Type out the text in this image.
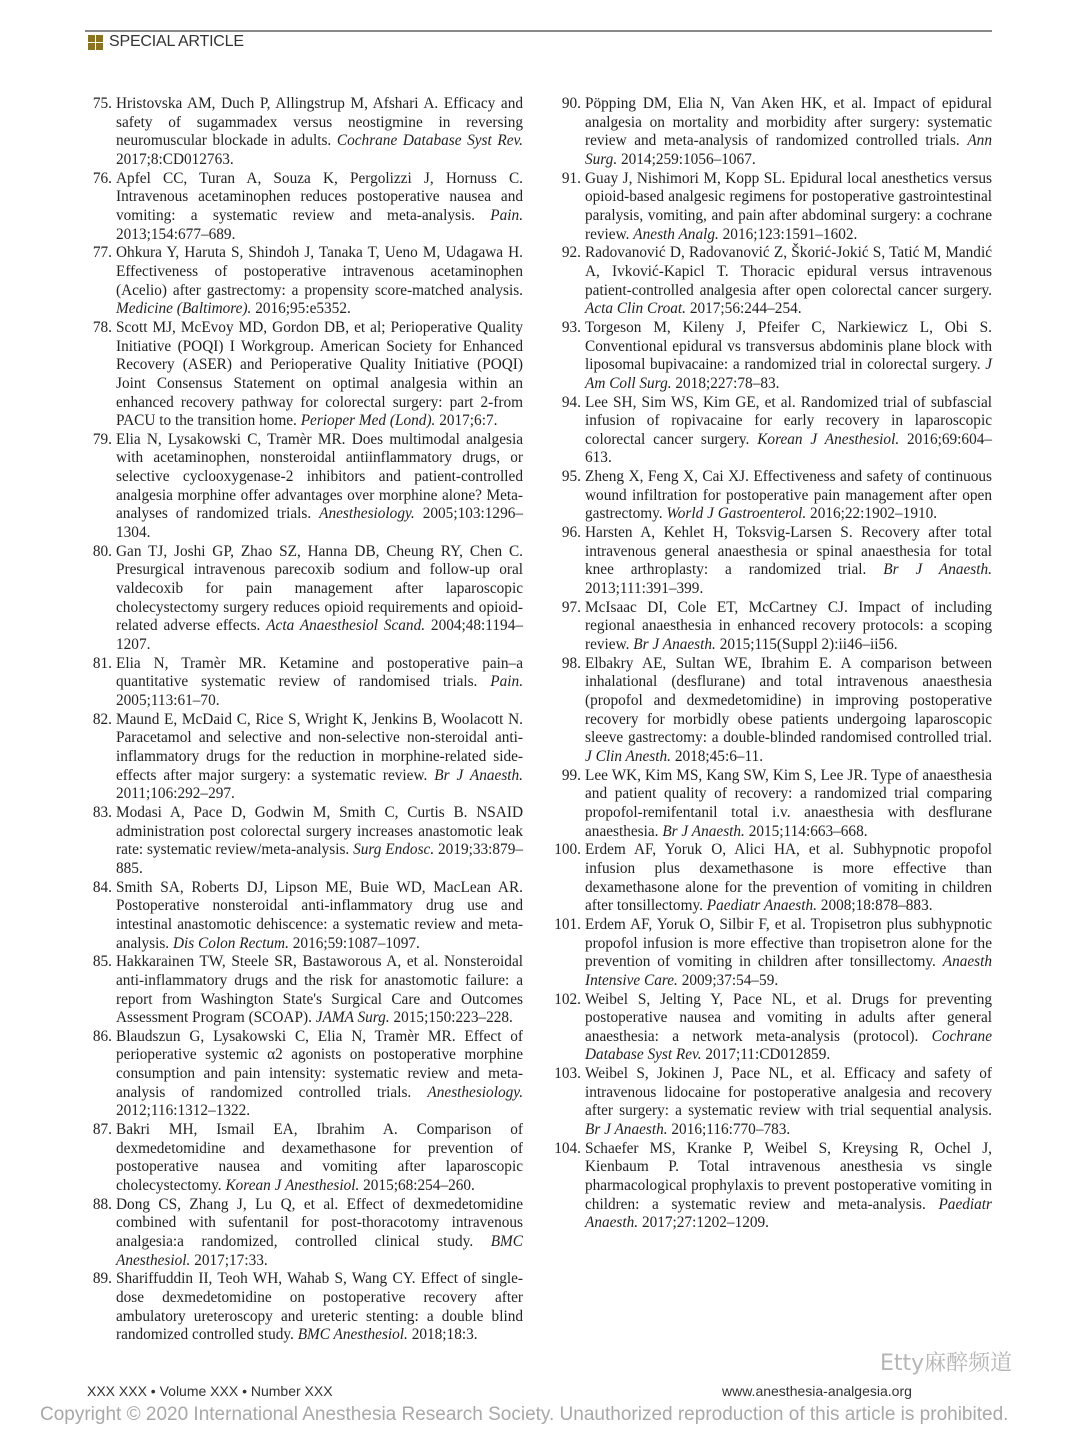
SPECIAL ARTICLE
75. Hristovska AM, Duch P, Allingstrup M, Afshari A. Efficacy and safety of sugammadex versus neostigmine in reversing neuromuscular blockade in adults. Cochrane Database Syst Rev. 2017;8:CD012763.
76. Apfel CC, Turan A, Souza K, Pergolizzi J, Hornuss C. Intravenous acetaminophen reduces postoperative nausea and vomiting: a systematic review and meta-analysis. Pain. 2013;154:677–689.
77. Ohkura Y, Haruta S, Shindoh J, Tanaka T, Ueno M, Udagawa H. Effectiveness of postoperative intravenous acetaminophen (Acelio) after gastrectomy: a propensity score-matched analysis. Medicine (Baltimore). 2016;95:e5352.
78. Scott MJ, McEvoy MD, Gordon DB, et al; Perioperative Quality Initiative (POQI) I Workgroup. American Society for Enhanced Recovery (ASER) and Perioperative Quality Initiative (POQI) Joint Consensus Statement on optimal analgesia within an enhanced recovery pathway for colorectal surgery: part 2-from PACU to the transition home. Perioper Med (Lond). 2017;6:7.
79. Elia N, Lysakowski C, Tramèr MR. Does multimodal analgesia with acetaminophen, nonsteroidal antiinflammatory drugs, or selective cyclooxygenase-2 inhibitors and patient-controlled analgesia morphine offer advantages over morphine alone? Meta-analyses of randomized trials. Anesthesiology. 2005;103:1296–1304.
80. Gan TJ, Joshi GP, Zhao SZ, Hanna DB, Cheung RY, Chen C. Presurgical intravenous parecoxib sodium and follow-up oral valdecoxib for pain management after laparoscopic cholecystectomy surgery reduces opioid requirements and opioid-related adverse effects. Acta Anaesthesiol Scand. 2004;48:1194–1207.
81. Elia N, Tramèr MR. Ketamine and postoperative pain–a quantitative systematic review of randomised trials. Pain. 2005;113:61–70.
82. Maund E, McDaid C, Rice S, Wright K, Jenkins B, Woolacott N. Paracetamol and selective and non-selective non-steroidal anti-inflammatory drugs for the reduction in morphine-related side-effects after major surgery: a systematic review. Br J Anaesth. 2011;106:292–297.
83. Modasi A, Pace D, Godwin M, Smith C, Curtis B. NSAID administration post colorectal surgery increases anastomotic leak rate: systematic review/meta-analysis. Surg Endosc. 2019;33:879–885.
84. Smith SA, Roberts DJ, Lipson ME, Buie WD, MacLean AR. Postoperative nonsteroidal anti-inflammatory drug use and intestinal anastomotic dehiscence: a systematic review and meta-analysis. Dis Colon Rectum. 2016;59:1087–1097.
85. Hakkarainen TW, Steele SR, Bastaworous A, et al. Nonsteroidal anti-inflammatory drugs and the risk for anastomotic failure: a report from Washington State's Surgical Care and Outcomes Assessment Program (SCOAP). JAMA Surg. 2015;150:223–228.
86. Blaudszun G, Lysakowski C, Elia N, Tramèr MR. Effect of perioperative systemic α2 agonists on postoperative morphine consumption and pain intensity: systematic review and meta-analysis of randomized controlled trials. Anesthesiology. 2012;116:1312–1322.
87. Bakri MH, Ismail EA, Ibrahim A. Comparison of dexmedetomidine and dexamethasone for prevention of postoperative nausea and vomiting after laparoscopic cholecystectomy. Korean J Anesthesiol. 2015;68:254–260.
88. Dong CS, Zhang J, Lu Q, et al. Effect of dexmedetomidine combined with sufentanil for post-thoracotomy intravenous analgesia:a randomized, controlled clinical study. BMC Anesthesiol. 2017;17:33.
89. Shariffuddin II, Teoh WH, Wahab S, Wang CY. Effect of single-dose dexmedetomidine on postoperative recovery after ambulatory ureteroscopy and ureteric stenting: a double blind randomized controlled study. BMC Anesthesiol. 2018;18:3.
90. Pöpping DM, Elia N, Van Aken HK, et al. Impact of epidural analgesia on mortality and morbidity after surgery: systematic review and meta-analysis of randomized controlled trials. Ann Surg. 2014;259:1056–1067.
91. Guay J, Nishimori M, Kopp SL. Epidural local anesthetics versus opioid-based analgesic regimens for postoperative gastrointestinal paralysis, vomiting, and pain after abdominal surgery: a cochrane review. Anesth Analg. 2016;123:1591–1602.
92. Radovanović D, Radovanović Z, Škorić-Jokić S, Tatić M, Mandić A, Ivković-Kapicl T. Thoracic epidural versus intravenous patient-controlled analgesia after open colorectal cancer surgery. Acta Clin Croat. 2017;56:244–254.
93. Torgeson M, Kileny J, Pfeifer C, Narkiewicz L, Obi S. Conventional epidural vs transversus abdominis plane block with liposomal bupivacaine: a randomized trial in colorectal surgery. J Am Coll Surg. 2018;227:78–83.
94. Lee SH, Sim WS, Kim GE, et al. Randomized trial of subfascial infusion of ropivacaine for early recovery in laparoscopic colorectal cancer surgery. Korean J Anesthesiol. 2016;69:604–613.
95. Zheng X, Feng X, Cai XJ. Effectiveness and safety of continuous wound infiltration for postoperative pain management after open gastrectomy. World J Gastroenterol. 2016;22:1902–1910.
96. Harsten A, Kehlet H, Toksvig-Larsen S. Recovery after total intravenous general anaesthesia or spinal anaesthesia for total knee arthroplasty: a randomized trial. Br J Anaesth. 2013;111:391–399.
97. McIsaac DI, Cole ET, McCartney CJ. Impact of including regional anaesthesia in enhanced recovery protocols: a scoping review. Br J Anaesth. 2015;115(Suppl 2):ii46–ii56.
98. Elbakry AE, Sultan WE, Ibrahim E. A comparison between inhalational (desflurane) and total intravenous anaesthesia (propofol and dexmedetomidine) in improving postoperative recovery for morbidly obese patients undergoing laparoscopic sleeve gastrectomy: a double-blinded randomised controlled trial. J Clin Anesth. 2018;45:6–11.
99. Lee WK, Kim MS, Kang SW, Kim S, Lee JR. Type of anaesthesia and patient quality of recovery: a randomized trial comparing propofol-remifentanil total i.v. anaesthesia with desflurane anaesthesia. Br J Anaesth. 2015;114:663–668.
100. Erdem AF, Yoruk O, Alici HA, et al. Subhypnotic propofol infusion plus dexamethasone is more effective than dexamethasone alone for the prevention of vomiting in children after tonsillectomy. Paediatr Anaesth. 2008;18:878–883.
101. Erdem AF, Yoruk O, Silbir F, et al. Tropisetron plus subhypnotic propofol infusion is more effective than tropisetron alone for the prevention of vomiting in children after tonsillectomy. Anaesth Intensive Care. 2009;37:54–59.
102. Weibel S, Jelting Y, Pace NL, et al. Drugs for preventing postoperative nausea and vomiting in adults after general anaesthesia: a network meta-analysis (protocol). Cochrane Database Syst Rev. 2017;11:CD012859.
103. Weibel S, Jokinen J, Pace NL, et al. Efficacy and safety of intravenous lidocaine for postoperative analgesia and recovery after surgery: a systematic review with trial sequential analysis. Br J Anaesth. 2016;116:770–783.
104. Schaefer MS, Kranke P, Weibel S, Kreysing R, Ochel J, Kienbaum P. Total intravenous anesthesia vs single pharmacological prophylaxis to prevent postoperative vomiting in children: a systematic review and meta-analysis. Paediatr Anaesth. 2017;27:1202–1209.
Etty麻醉频道
XXX XXX • Volume XXX • Number XXX	www.anesthesia-analgesia.org
Copyright © 2020 International Anesthesia Research Society. Unauthorized reproduction of this article is prohibited.
